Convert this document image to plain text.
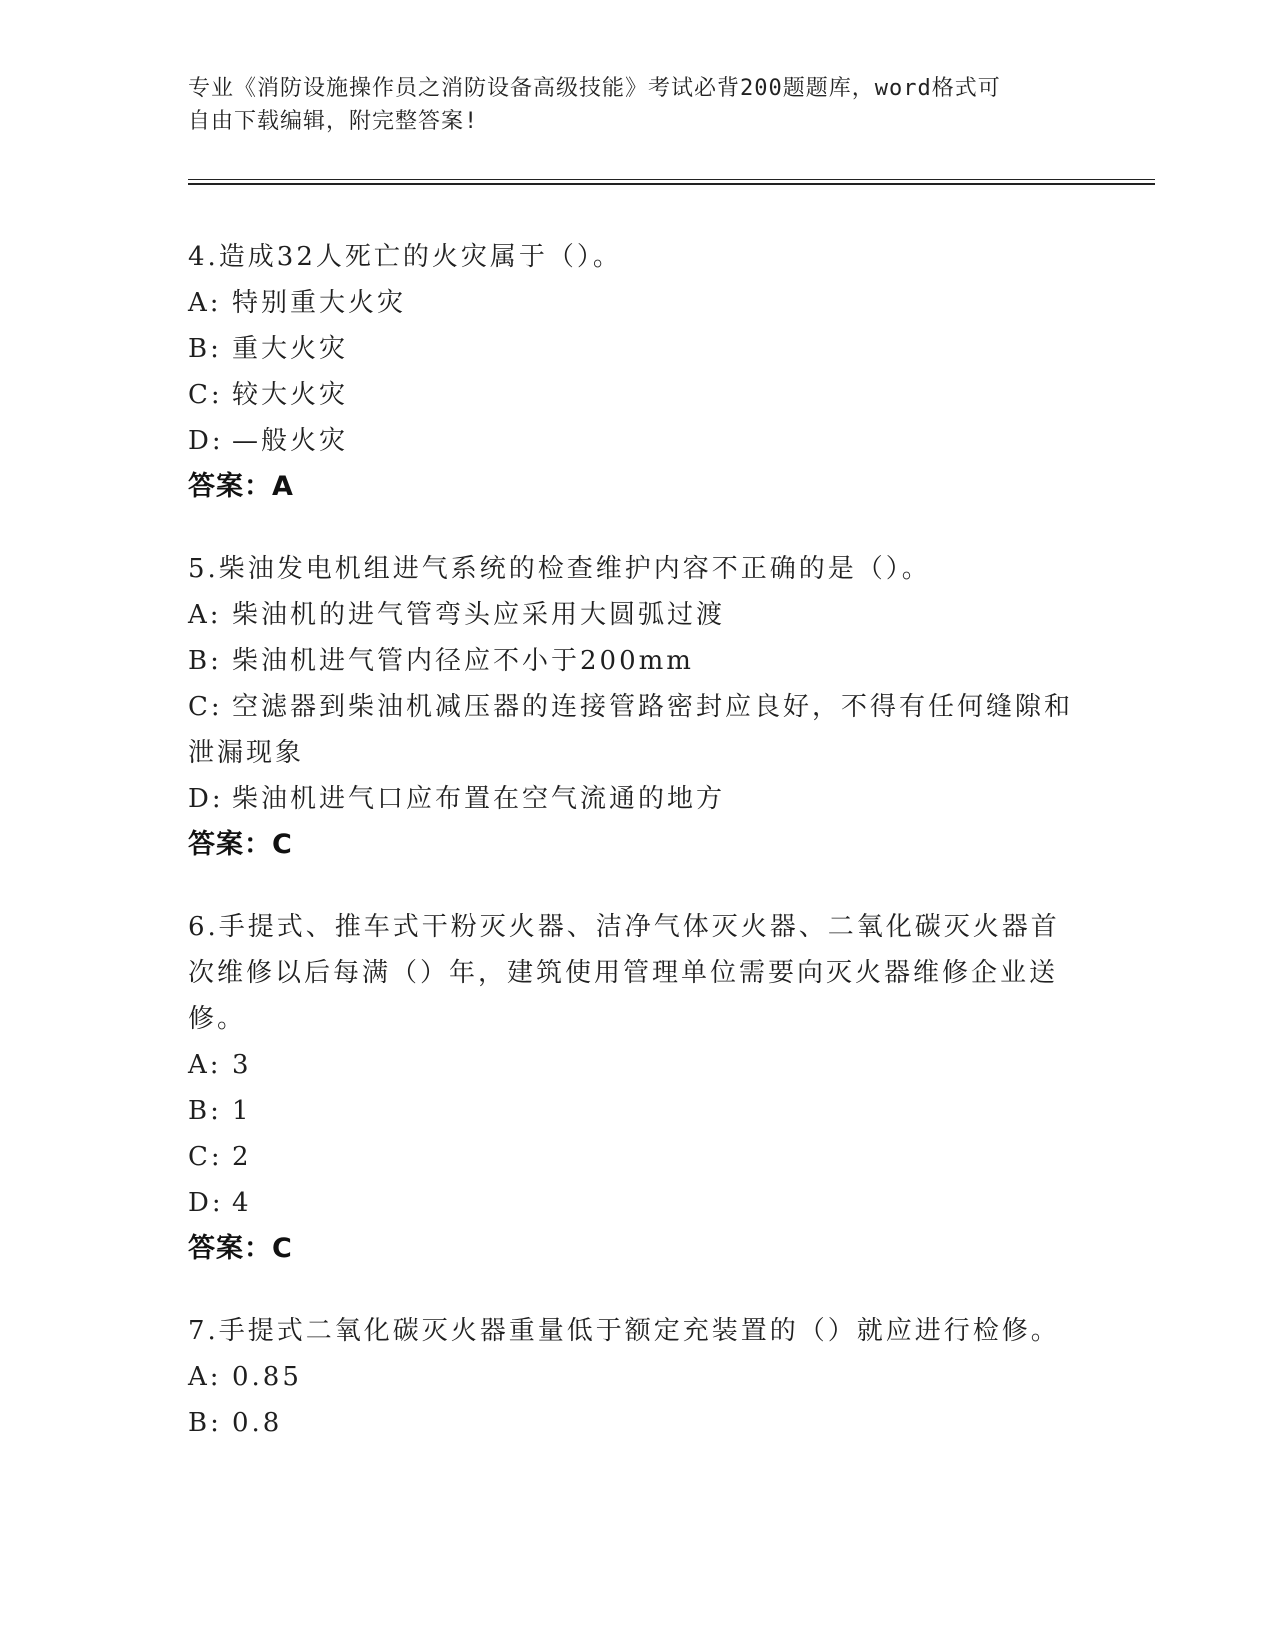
专业《消防设施操作员之消防设备高级技能》考试必背200题题库，word格式可
自由下载编辑，附完整答案!
4.造成32人死亡的火灾属于（）。
A: 特别重大火灾
B: 重大火灾
C: 较大火灾
D: —般火灾
答案：A
5.柴油发电机组进气系统的检查维护内容不正确的是（）。
A: 柴油机的进气管弯头应采用大圆弧过渡
B: 柴油机进气管内径应不小于200mm
C: 空滤器到柴油机减压器的连接管路密封应良好，不得有任何缝隙和泄漏现象
D: 柴油机进气口应布置在空气流通的地方
答案：C
6.手提式、推车式干粉灭火器、洁净气体灭火器、二氧化碳灭火器首次维修以后每满（）年，建筑使用管理单位需要向灭火器维修企业送修。
A: 3
B: 1
C: 2
D: 4
答案：C
7.手提式二氧化碳灭火器重量低于额定充装置的（）就应进行检修。
A: 0.85
B: 0.8
